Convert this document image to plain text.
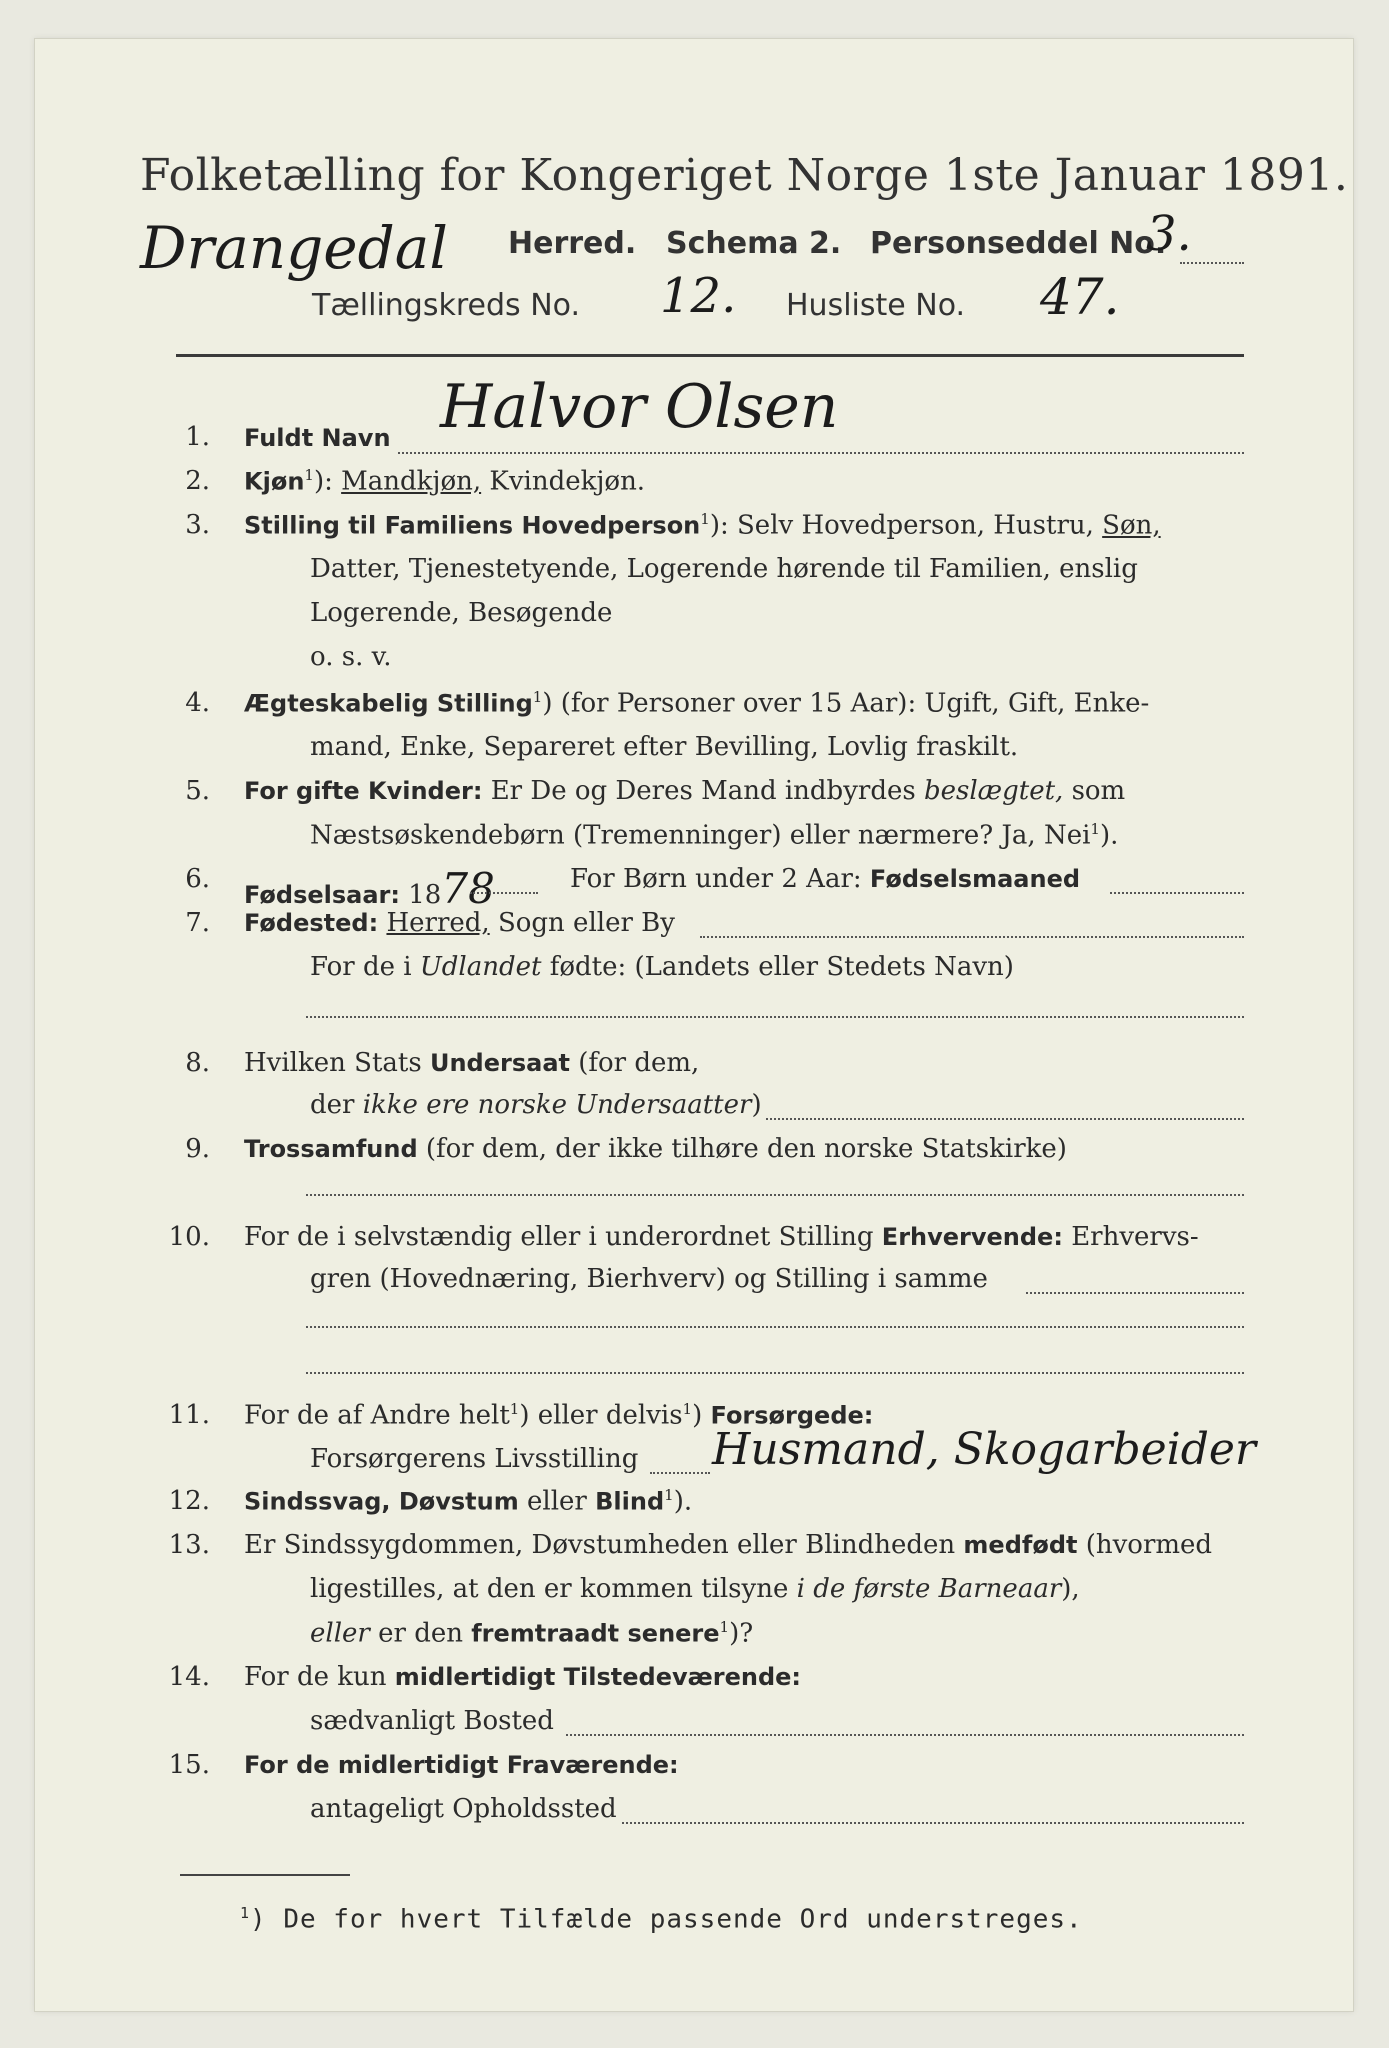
Folketælling for Kongeriget Norge 1ste Januar 1891.
Drangedal Herred. Schema 2. Personseddel No.
3.
Tællingskreds No. 12. Husliste No. 47.
1. Fuldt Navn Halvor Olsen
2. Kjøn$^1$): Mandkjøn, Kvindekjøn.
3. Stilling til Familiens Hovedperson$^1$): Selv Hovedperson, Hustru, Søn,
Datter, Tjenestetyende, Logerende hørende til Familien, enslig
Logerende, Besøgende
o. s. v.
4. Ægteskabelig Stilling$^1$) (for Personer over 15 Aar): Ugift, Gift, Enke-
mand, Enke, Separeret efter Bevilling, Lovlig fraskilt.
5. For gifte Kvinder: Er De og Deres Mand indbyrdes beslægtet, som
Næstsøskendebørn (Tremenninger) eller nærmere? Ja, Nei$^1$).
6.
Fødselsaar: 1878	For Børn under 2 Aar: Fødselsmaaned
7. Fødested: Herred, Sogn eller By
For de i Udlandet fødte: (Landets eller Stedets Navn)
8. Hvilken Stats Undersaat (for dem,
der ikke ere norske Undersaatter)
9. Trossamfund (for dem, der ikke tilhøre den norske Statskirke)
10. For de i selvstændig eller i underordnet Stilling Erhvervende: Erhvervs-
gren (Hovednæring, Bierhverv) og Stilling i samme
11. For de af Andre helt$^1$) eller delvis$^1$) Forsørgede:
Forsørgerens Livsstilling Husmand, Skogarbeider
12. Sindssvag, Døvstum eller Blind$^1$).
13. Er Sindssygdommen, Døvstumheden eller Blindheden medfødt (hvormed
ligestilles, at den er kommen tilsyne i de første Barneaar),
eller er den fremtraadt senere$^1$)?
14. For de kun midlertidigt Tilstedeværende:
sædvanligt Bosted
15. For de midlertidigt Fraværende:
antageligt Opholdssted
$^1$) De for hvert Tilfælde passende Ord understreges.
